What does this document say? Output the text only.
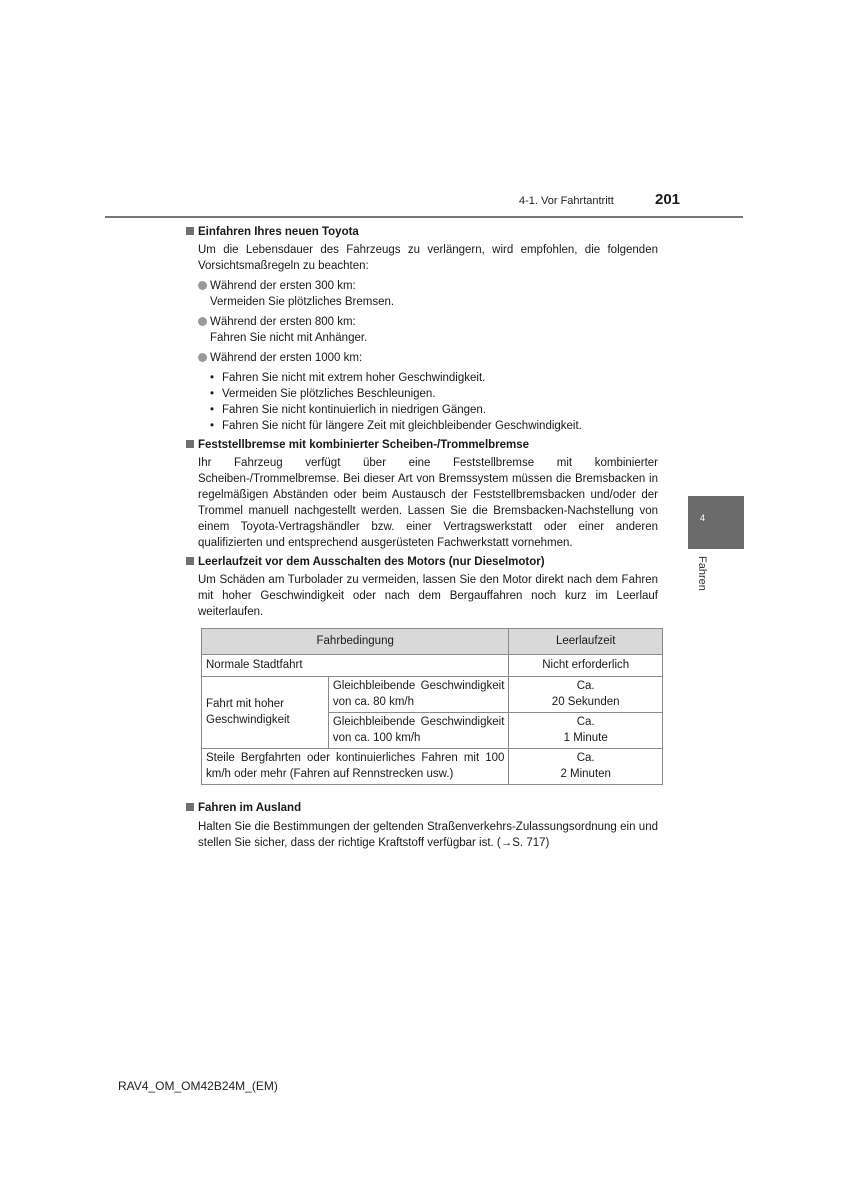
4-1. Vor Fahrtantritt	201
4
Fahren
Einfahren Ihres neuen Toyota
Um die Lebensdauer des Fahrzeugs zu verlängern, wird empfohlen, die folgenden Vorsichtsmaßregeln zu beachten:
Während der ersten 300 km:
Vermeiden Sie plötzliches Bremsen.
Während der ersten 800 km:
Fahren Sie nicht mit Anhänger.
Während der ersten 1000 km:
• Fahren Sie nicht mit extrem hoher Geschwindigkeit.
• Vermeiden Sie plötzliches Beschleunigen.
• Fahren Sie nicht kontinuierlich in niedrigen Gängen.
• Fahren Sie nicht für längere Zeit mit gleichbleibender Geschwindigkeit.
Feststellbremse mit kombinierter Scheiben-/Trommelbremse
Ihr Fahrzeug verfügt über eine Feststellbremse mit kombinierter Scheiben-/Trommelbremse. Bei dieser Art von Bremssystem müssen die Bremsbacken in regelmäßigen Abständen oder beim Austausch der Feststellbremsbacken und/oder der Trommel manuell nachgestellt werden. Lassen Sie die Bremsbacken-Nachstellung von einem Toyota-Vertragshändler bzw. einer Vertragswerkstatt oder einer anderen qualifizierten und entsprechend ausgerüsteten Fachwerkstatt vornehmen.
Leerlaufzeit vor dem Ausschalten des Motors (nur Dieselmotor)
Um Schäden am Turbolader zu vermeiden, lassen Sie den Motor direkt nach dem Fahren mit hoher Geschwindigkeit oder nach dem Bergauffahren noch kurz im Leerlauf weiterlaufen.
Fahrbedingung		Leerlaufzeit
Normale Stadtfahrt		Nicht erforderlich
Fahrt mit hoher Geschwindigkeit	Gleichbleibende Geschwindigkeit von ca. 80 km/h	Ca.
20 Sekunden

	Gleichbleibende Geschwindigkeit von ca. 100 km/h	Ca.
1 Minute

Steile Bergfahrten oder kontinuierliches Fahren mit 100 km/h oder mehr (Fahren auf Rennstrecken usw.)		Ca.
2 Minuten
Fahren im Ausland
Halten Sie die Bestimmungen der geltenden Straßenverkehrs-Zulassungsordnung ein und stellen Sie sicher, dass der richtige Kraftstoff verfügbar ist. (→S. 717)
RAV4_OM_OM42B24M_(EM)
